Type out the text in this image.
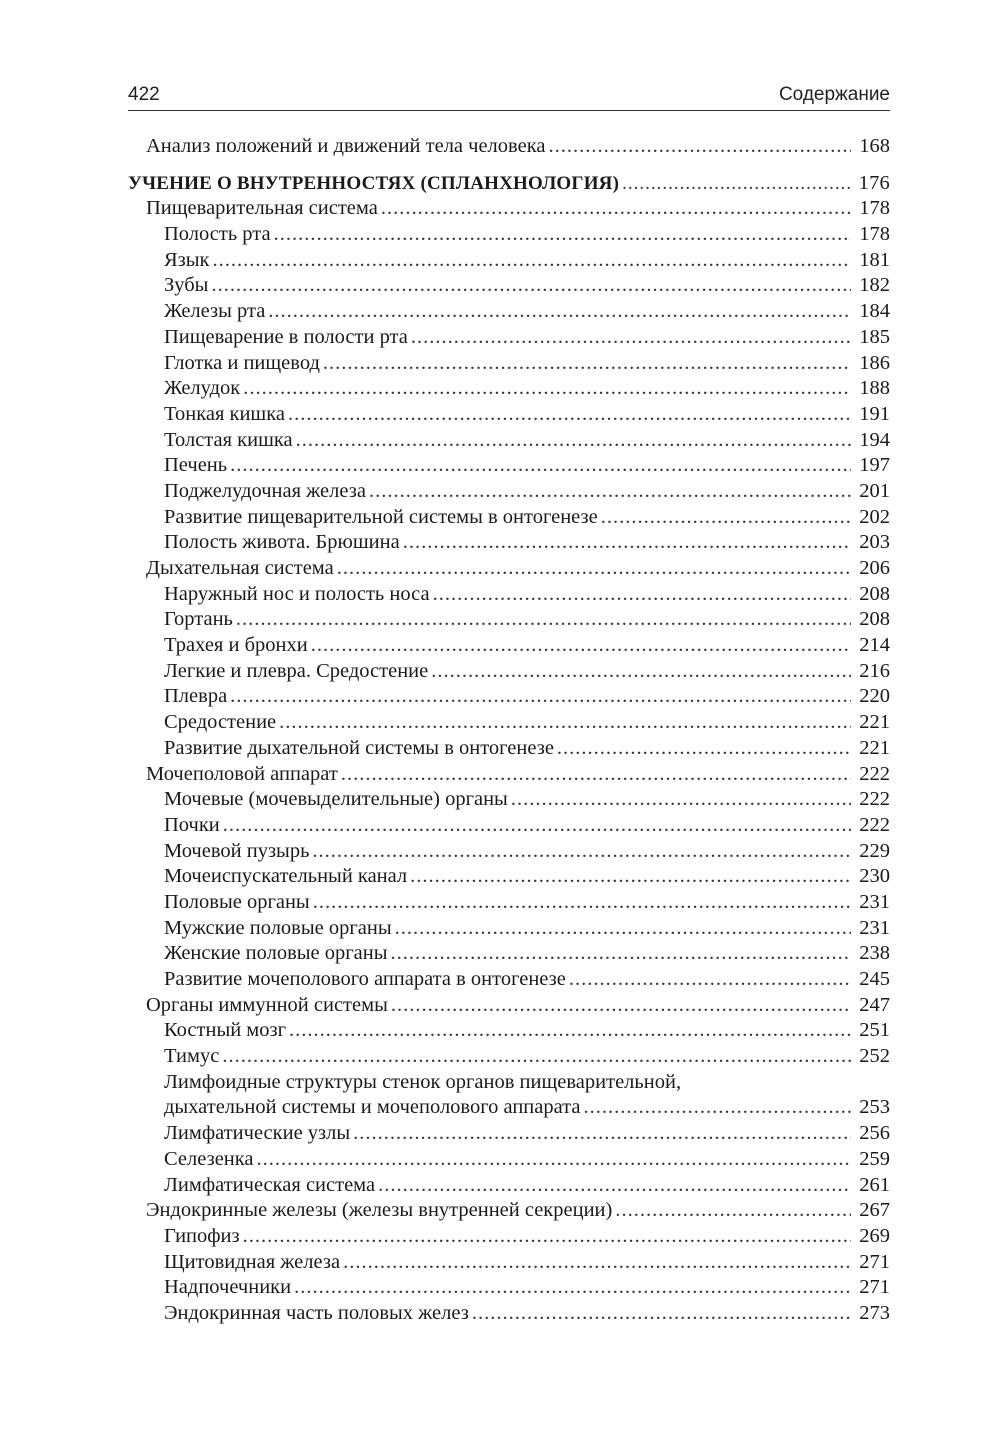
422	Содержание
Анализ положений и движений тела человека .....	168
УЧЕНИЕ О ВНУТРЕННОСТЯХ (СПЛАНХНОЛОГИЯ) .....	176
Пищеварительная система .....	178
Полость рта .....	178
Язык .....	181
Зубы .....	182
Железы рта .....	184
Пищеварение в полости рта .....	185
Глотка и пищевод .....	186
Желудок .....	188
Тонкая кишка .....	191
Толстая кишка .....	194
Печень .....	197
Поджелудочная железа .....	201
Развитие пищеварительной системы в онтогенезе .....	202
Полость живота. Брюшина .....	203
Дыхательная система .....	206
Наружный нос и полость носа .....	208
Гортань .....	208
Трахея и бронхи .....	214
Легкие и плевра. Средостение .....	216
Плевра .....	220
Средостение .....	221
Развитие дыхательной системы в онтогенезе .....	221
Мочеполовой аппарат .....	222
Мочевые (мочевыделительные) органы .....	222
Почки .....	222
Мочевой пузырь .....	229
Мочеиспускательный канал .....	230
Половые органы .....	231
Мужские половые органы .....	231
Женские половые органы .....	238
Развитие мочеполового аппарата в онтогенезе .....	245
Органы иммунной системы .....	247
Костный мозг .....	251
Тимус .....	252
Лимфоидные структуры стенок органов пищеварительной,
дыхательной системы и мочеполового аппарата .....	253
Лимфатические узлы .....	256
Селезенка .....	259
Лимфатическая система .....	261
Эндокринные железы (железы внутренней секреции) .....	267
Гипофиз .....	269
Щитовидная железа .....	271
Надпочечники .....	271
Эндокринная часть половых желез .....	273
